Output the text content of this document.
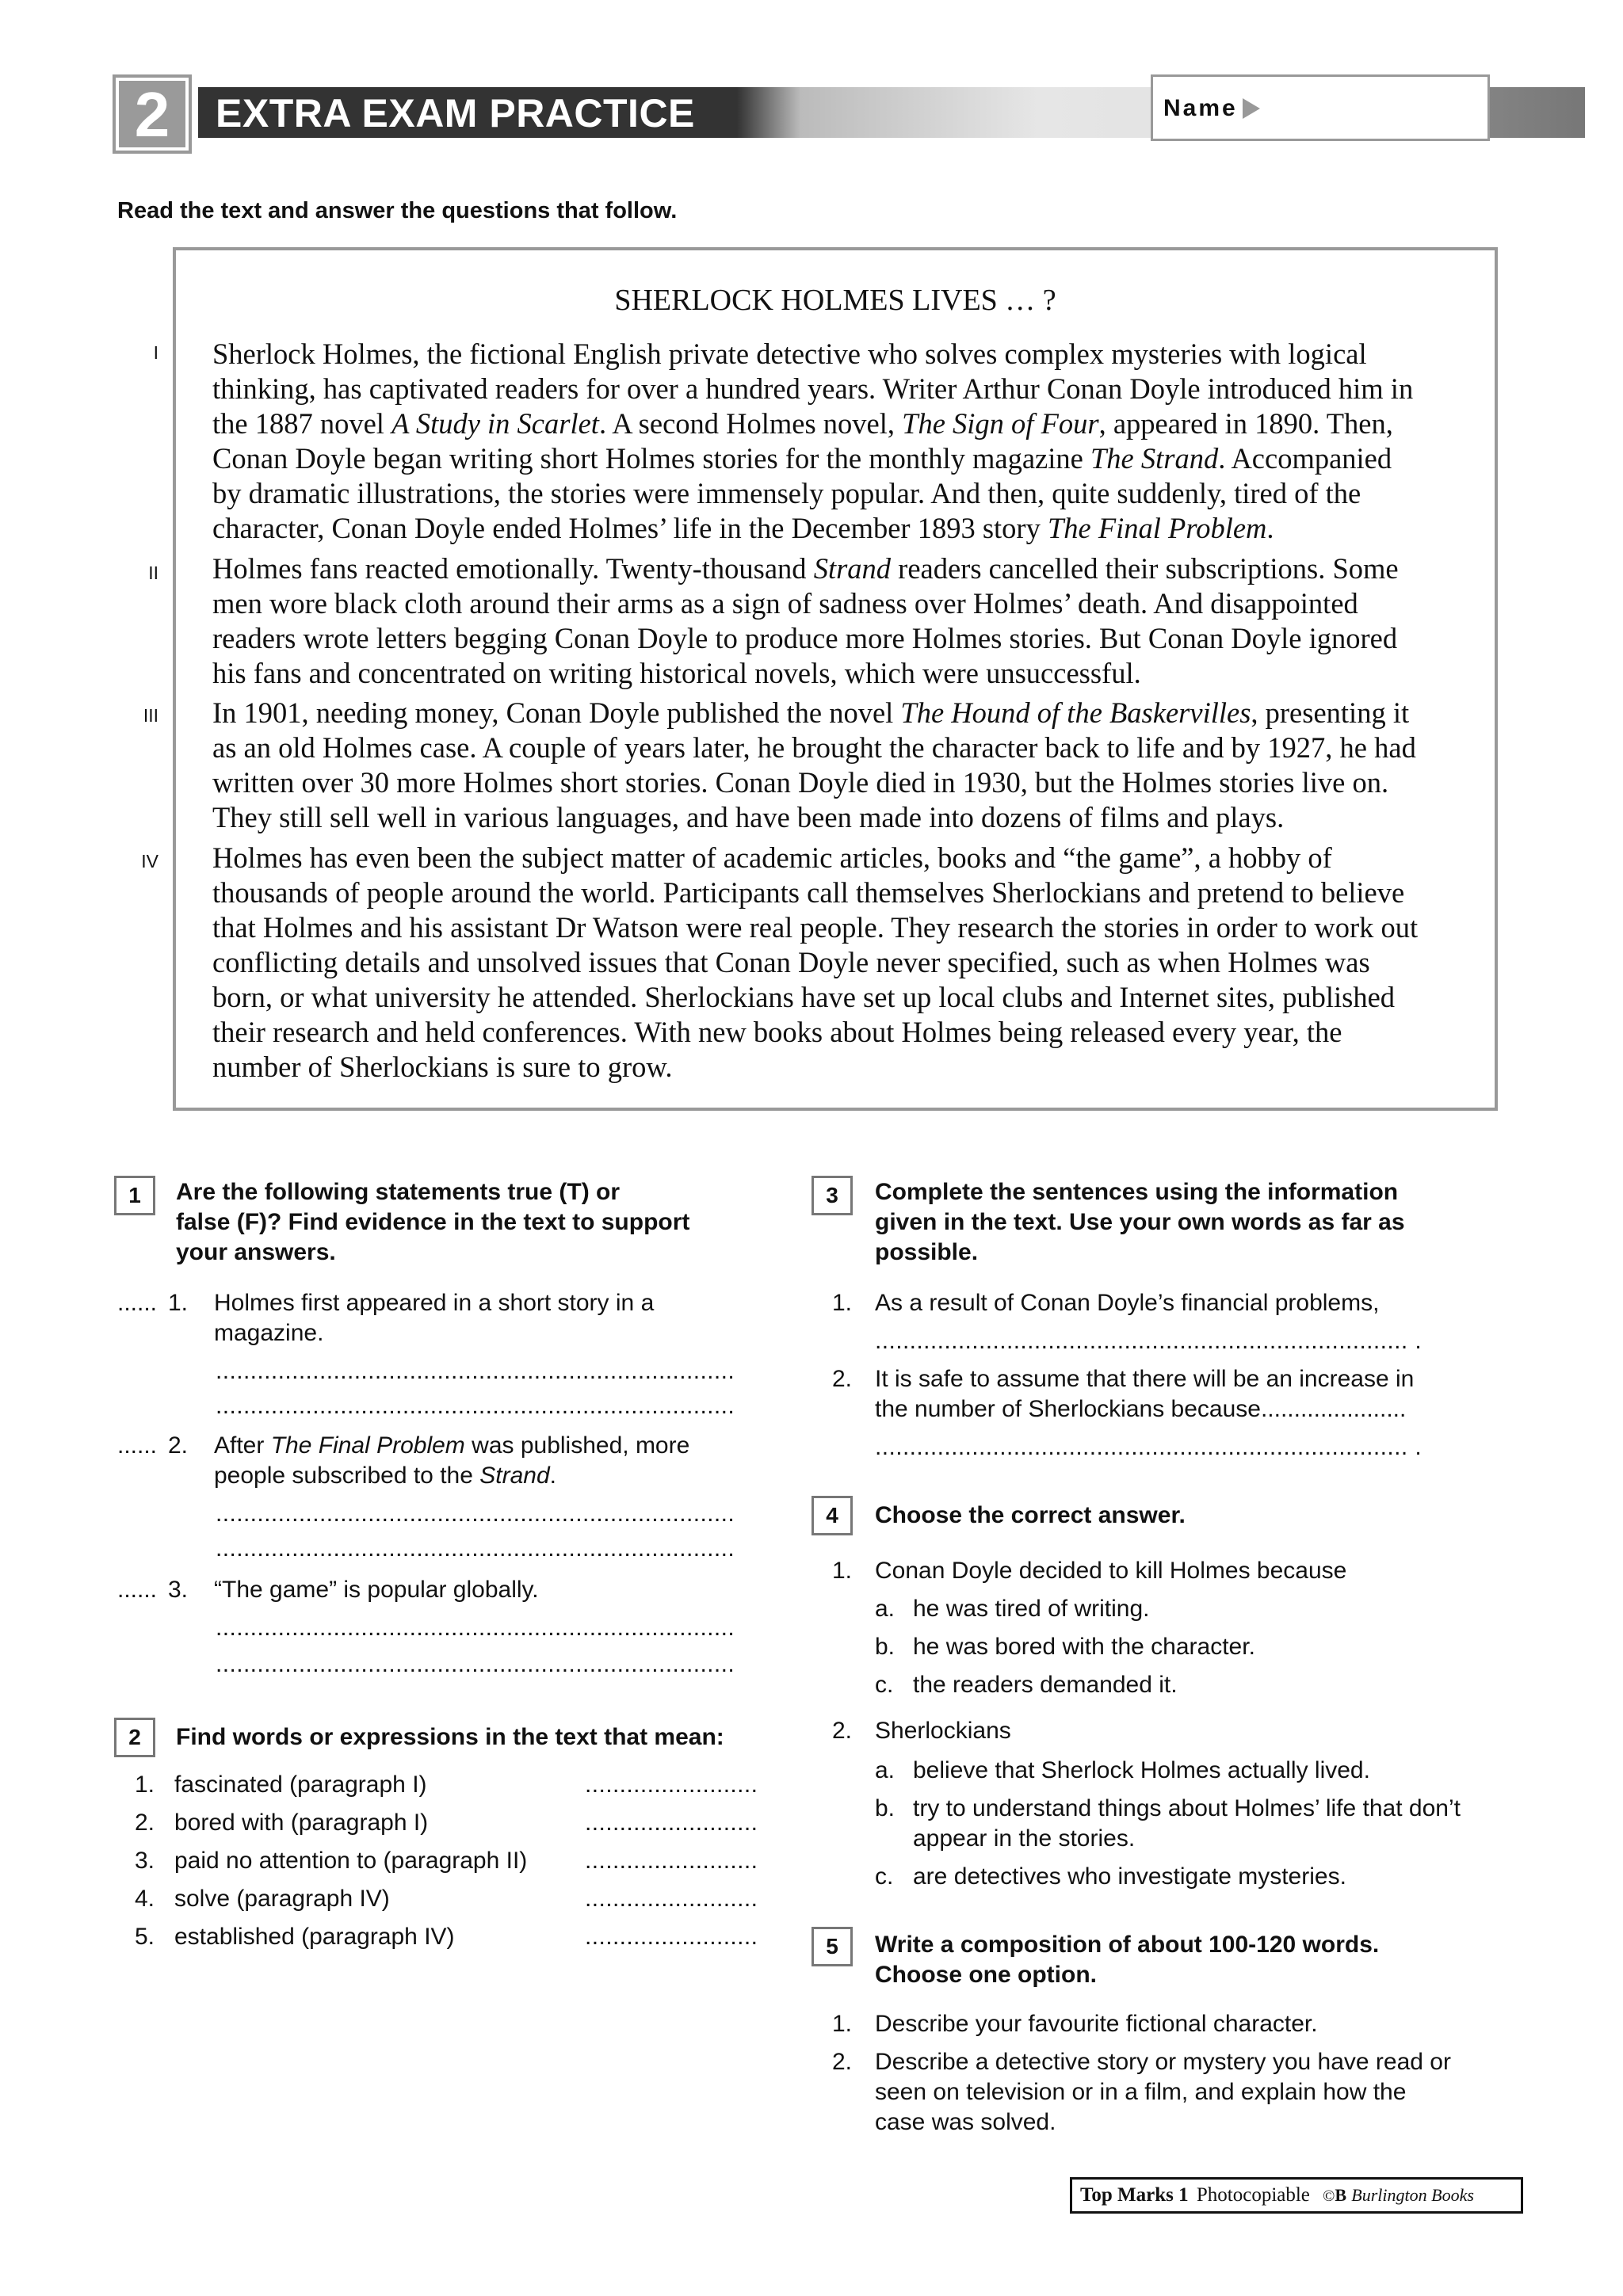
2	EXTRA EXAM PRACTICE	Name
Read the text and answer the questions that follow.
SHERLOCK HOLMES LIVES … ?
I Sherlock Holmes, the fictional English private detective who solves complex mysteries with logical

thinking, has captivated readers for over a hundred years. Writer Arthur Conan Doyle introduced him in

the 1887 novel A Study in Scarlet. A second Holmes novel, The Sign of Four, appeared in 1890. Then,

Conan Doyle began writing short Holmes stories for the monthly magazine The Strand. Accompanied

by dramatic illustrations, the stories were immensely popular. And then, quite suddenly, tired of the

character, Conan Doyle ended Holmes’ life in the December 1893 story The Final Problem.

II Holmes fans reacted emotionally. Twenty-thousand Strand readers cancelled their subscriptions. Some

men wore black cloth around their arms as a sign of sadness over Holmes’ death. And disappointed

readers wrote letters begging Conan Doyle to produce more Holmes stories. But Conan Doyle ignored

his fans and concentrated on writing historical novels, which were unsuccessful.

III In 1901, needing money, Conan Doyle published the novel The Hound of the Baskervilles, presenting it

as an old Holmes case. A couple of years later, he brought the character back to life and by 1927, he had

written over 30 more Holmes short stories. Conan Doyle died in 1930, but the Holmes stories live on.

They still sell well in various languages, and have been made into dozens of films and plays.

IV Holmes has even been the subject matter of academic articles, books and “the game”, a hobby of

thousands of people around the world. Participants call themselves Sherlockians and pretend to believe

that Holmes and his assistant Dr Watson were real people. They research the stories in order to work out

conflicting details and unsolved issues that Conan Doyle never specified, such as when Holmes was

born, or what university he attended. Sherlockians have set up local clubs and Internet sites, published

their research and held conferences. With new books about Holmes being released every year, the

number of Sherlockians is sure to grow.

1	Are the following statements true (T) or
false (F)? Find evidence in the text to support
your answers.
...... 1. Holmes first appeared in a short story in a
magazine.
...........................................................................
...........................................................................
...... 2. After The Final Problem was published, more
people subscribed to the Strand.
...........................................................................
...........................................................................
...... 3. “The game” is popular globally.
...........................................................................
...........................................................................
2	Find words or expressions in the text that mean:
1. fascinated (paragraph I)	.........................
2. bored with (paragraph I)	.........................
3. paid no attention to (paragraph II) .........................
4. solve (paragraph IV)	.........................
5. established (paragraph IV)	.........................
3	Complete the sentences using the information
given in the text. Use your own words as far as
possible.
1. As a result of Conan Doyle’s financial problems,
............................................................................. .
2. It is safe to assume that there will be an increase in
the number of Sherlockians because......................
............................................................................. .
4	Choose the correct answer.
1. Conan Doyle decided to kill Holmes because
a. he was tired of writing.
b. he was bored with the character.
c. the readers demanded it.
2. Sherlockians
a. believe that Sherlock Holmes actually lived.
b. try to understand things about Holmes’ life that don’t
appear in the stories.
c. are detectives who investigate mysteries.
5	Write a composition of about 100-120 words.
Choose one option.
1. Describe your favourite fictional character.
2. Describe a detective story or mystery you have read or
seen on television or in a film, and explain how the
case was solved.
Top Marks 1 Photocopiable ©B Burlington Books
